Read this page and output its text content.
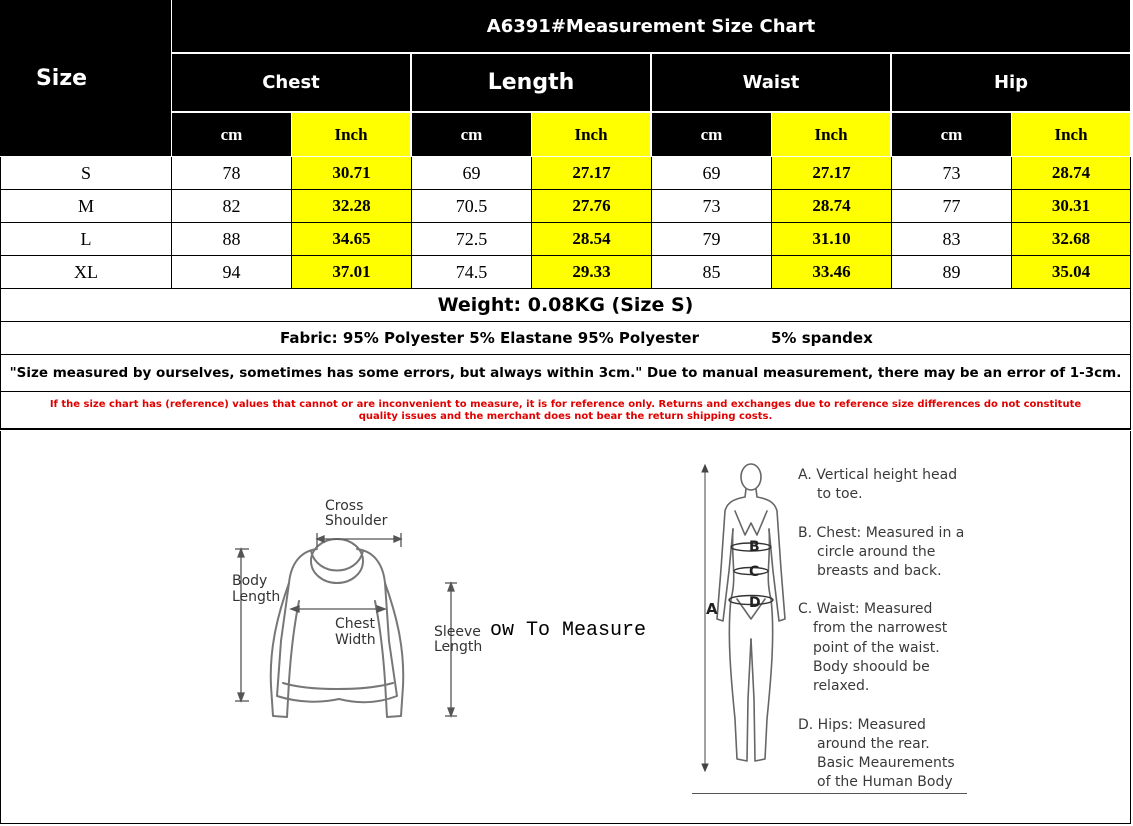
Size
A6391#Measurement Size Chart
Chest	Length	Waist	Hip
cm	Inch	cm	Inch	cm	Inch	cm	Inch
S	78	30.71	69	27.17	69	27.17	73	28.74
M	82	32.28	70.5	27.76	73	28.74	77	30.31
L	88	34.65	72.5	28.54	79	31.10	83	32.68
XL	94	37.01	74.5	29.33	85	33.46	89	35.04
Weight: 0.08KG (Size S)
Fabric: 95% Polyester 5% Elastane 95% Polyester	5% spandex
"Size measured by ourselves, sometimes has some errors, but always within 3cm." Due to manual measurement, there may be an error of 1-3cm.
If the size chart has (reference) values that cannot or are inconvenient to measure, it is for reference only. Returns and exchanges due to reference size differences do not constitute
quality issues and the merchant does not bear the return shipping costs.
Cross
Shoulder
Body
Length
Chest
Width	Sleeve
Length
ow To Measure
A
B
C
D
A. Vertical height head
to toe.
B. Chest: Measured in a
circle around the
breasts and back.
C. Waist: Measured
from the narrowest
point of the waist.
Body shoould be
relaxed.
D. Hips: Measured
around the rear.
Basic Meaurements
of the Human Body
